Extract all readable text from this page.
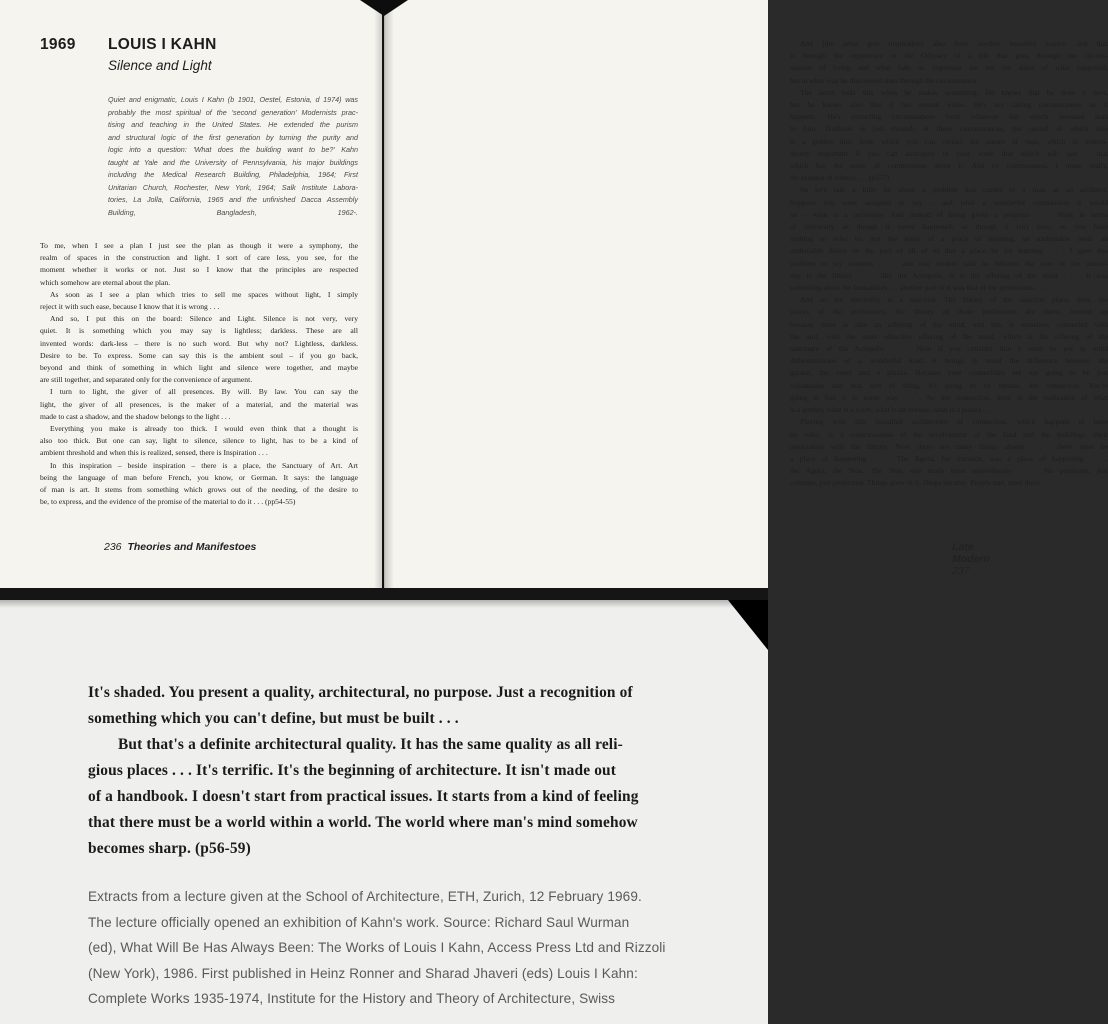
1969 LOUIS I KAHN
Silence and Light
Quiet and enigmatic, Louis I Kahn (b 1901, Oestel, Estonia, d 1974) was
probably the most spiritual of the 'second generation' Modernists prac-
tising and teaching in the United States. He extended the purism
and structural logic of the first generation by turning the purity and
logic into a question: 'What does the building want to be?' Kahn
taught at Yale and the University of Pennsylvania, his major buildings
including the Medical Research Building, Philadelphia, 1964; First
Unitarian Church, Rochester, New York, 1964; Salk Institute Labora-
tories, La Jolla, California, 1965 and the unfinished Dacca Assembly
Building, Bangladesh, 1962-.
To me, when I see a plan I just see the plan as though it were a symphony, the
realm of spaces in the construction and light. I sort of care less, you see, for the
moment whether it works or not. Just so I know that the principles are respected
which somehow are eternal about the plan.
As soon as I see a plan which tries to sell me spaces without light, I simply
reject it with such ease, because I know that it is wrong . . .
And so, I put this on the board: Silence and Light. Silence is not very, very
quiet. It is something which you may say is lightless; darkless. These are all
invented words: dark-less – there is no such word. But why not? Lightless, darkless.
Desire to be. To express. Some can say this is the ambient soul – if you go back,
beyond and think of something in which light and silence were together, and maybe
are still together, and separated only for the convenience of argument.
I turn to light, the giver of all presences. By will. By law. You can say the
light, the giver of all presences, is the maker of a material, and the material was
made to cast a shadow, and the shadow belongs to the light . . .
Everything you make is already too thick. I would even think that a thought is
also too thick. But one can say, light to silence, silence to light, has to be a kind of
ambient threshold and when this is realized, sensed, there is Inspiration . . .
In this inspiration – beside inspiration – there is a place, the Sanctuary of Art. Art
being the language of man before French, you know, or German. It says: the language
of man is art. It stems from something which grows out of the needing, of the desire to
be, to express, and the evidence of the promise of the material to do it . . . (pp54-55)
236 Theories and Manifestoes
And [the artist gets inspiration] also from another beautiful source, and that
is through the experience or the Odyssey of a life that goes through the circum-
stances of living and what falls as important are not the dates of what happened,
but in what way he discovered man through the circumstance.
The artist feels this when he makes something. He knows that he does it now,
but he knows also that it has eternal value. He's not taking circumstances as it
happens. He's extracting circumstances from whatever fell which revealed man
to him. Tradition is just mounds of these circumstances, the record of which also
is a golden dust from which you can extract the nature of man, which is tremen-
dously important if you can anticipate in your work that which will last – that
which has the sense of commonness about it. And by commonness, I mean really,
the essence of silence . . . (p157)
So let's talk a little bit about a problem that comes to a man as an architect.
Suppose you were assigned to say – and what a wonderful commission it would
be – what is a university. And instead of being given a program . . . think in terms
of university as though it never happened, as though it isn't here, so you have
nothing to refer to, just the sense of a place of learning, an undeniable need: an
undeniable desire on the part of all of us that a place be for learning . . . I gave this
problem to my students . . . and one student said he believes the core of the univer-
sity is the library . . . like the Acropolis. It is the offering of the mind . . . It was
something about the humanities . . . another part of it was that of the professions . . .
And so the university is a sanction. The library of the sanction place, then, the
places of the professions, the library of these professions are there, hooked up
because there is also an offering of the mind, and this is somehow connected with
the unit, with the more objective offering of the mind, which is the offering of the
sanctuary of the Acropolis . . . Now if you consider this it must be put in mind
differentiations of a wonderful kind. It brings in mind the difference between the
garden, the court and a piazza. Because your connections are not going to be just
colonnades and that sort of thing, it's going to be mental, the connection. You're
going to feel it in some way . . . So the connection, then, is the realization of what
is a garden, what is a court, what is an avenue, what is a piazza . . .
Playing with this so-called architecture of connection, which happens to have
no rules, is a consciousness of the involvement of the land and the buildings, their
association with the library. Now there are many things absent . . . there must be
a place of happening . . . The Agora, for instance, was a place of happening . . .
the Agora, the Stoa. The Stoa was made most marvellously . . . No partitions, just
columns, just protection. Things grew in it. Shops became. People met, meet there.
Late Modern 237
It's shaded. You present a quality, architectural, no purpose. Just a recognition of
something which you can't define, but must be built . . .
But that's a definite architectural quality. It has the same quality as all reli-
gious places . . . It's terrific. It's the beginning of architecture. It isn't made out
of a handbook. I doesn't start from practical issues. It starts from a kind of feeling
that there must be a world within a world. The world where man's mind somehow
becomes sharp. (p56-59)
Extracts from a lecture given at the School of Architecture, ETH, Zurich, 12 February 1969.
The lecture officially opened an exhibition of Kahn's work. Source: Richard Saul Wurman
(ed), What Will Be Has Always Been: The Works of Louis I Kahn, Access Press Ltd and Rizzoli
(New York), 1986. First published in Heinz Ronner and Sharad Jhaveri (eds) Louis I Kahn:
Complete Works 1935-1974, Institute for the History and Theory of Architecture, Swiss
